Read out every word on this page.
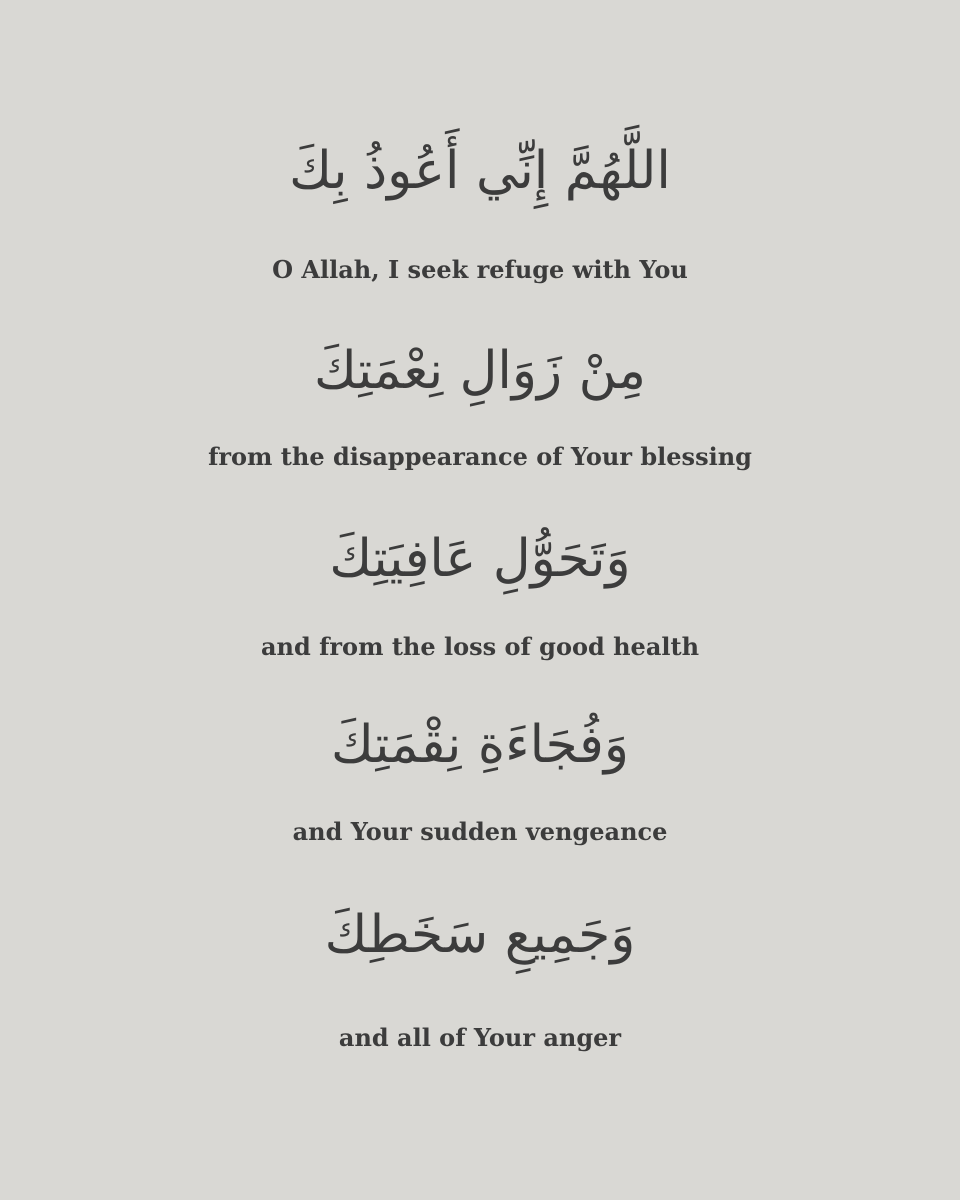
اللَّهُمَّ إِنِّي أَعُوذُ بِكَ
O Allah, I seek refuge with You
مِنْ زَوَالِ نِعْمَتِكَ
from the disappearance of Your blessing
وَتَحَوُّلِ عَافِيَتِكَ
and from the loss of good health
وَفُجَاءَةِ نِقْمَتِكَ
and Your sudden vengeance
وَجَمِيعِ سَخَطِكَ
and all of Your anger
